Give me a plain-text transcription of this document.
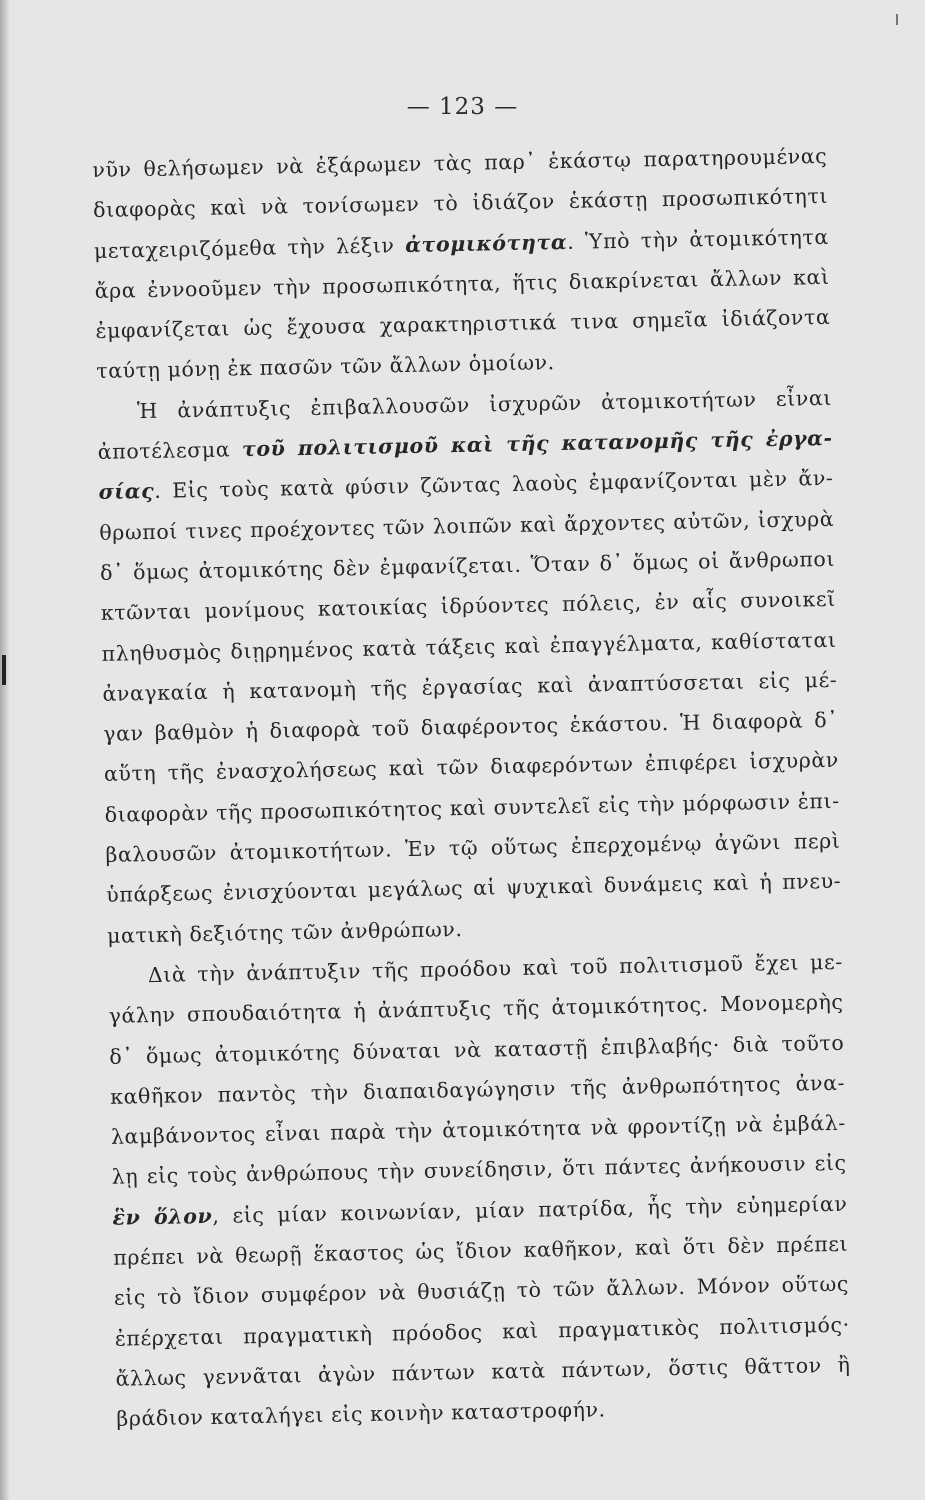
— 123 —
νῦν θελήσωμεν νὰ ἐξάρωμεν τὰς παρ᾽ ἑκάστῳ παρατηρουμένας
διαφορὰς καὶ νὰ τονίσωμεν τὸ ἰδιάζον ἑκάστῃ προσωπικότητι
μεταχειριζόμεθα τὴν λέξιν ἀτομικότητα. Ὑπὸ τὴν ἀτομικότητα
ἄρα ἐννοοῦμεν τὴν προσωπικότητα, ἥτις διακρίνεται ἄλλων καὶ
ἐμφανίζεται ὡς ἔχουσα χαρακτηριστικά τινα σημεῖα ἰδιάζοντα
ταύτῃ μόνῃ ἐκ πασῶν τῶν ἄλλων ὁμοίων.
Ἡ ἀνάπτυξις ἐπιβαλλουσῶν ἰσχυρῶν ἀτομικοτήτων εἶναι
ἀποτέλεσμα τοῦ πολιτισμοῦ καὶ τῆς κατανομῆς τῆς ἐργα-
σίας. Εἰς τοὺς κατὰ φύσιν ζῶντας λαοὺς ἐμφανίζονται μὲν ἄν-
θρωποί τινες προέχοντες τῶν λοιπῶν καὶ ἄρχοντες αὐτῶν, ἰσχυρὰ
δ᾽ ὅμως ἀτομικότης δὲν ἐμφανίζεται. Ὅταν δ᾽ ὅμως οἱ ἄνθρωποι
κτῶνται μονίμους κατοικίας ἱδρύοντες πόλεις, ἐν αἷς συνοικεῖ
πληθυσμὸς διῃρημένος κατὰ τάξεις καὶ ἐπαγγέλματα, καθίσταται
ἀναγκαία ἡ κατανομὴ τῆς ἐργασίας καὶ ἀναπτύσσεται εἰς μέ-
γαν βαθμὸν ἡ διαφορὰ τοῦ διαφέροντος ἑκάστου. Ἡ διαφορὰ δ᾽
αὕτη τῆς ἐνασχολήσεως καὶ τῶν διαφερόντων ἐπιφέρει ἰσχυρὰν
διαφορὰν τῆς προσωπικότητος καὶ συντελεῖ εἰς τὴν μόρφωσιν ἐπι-
βαλουσῶν ἀτομικοτήτων. Ἐν τῷ οὕτως ἐπερχομένῳ ἀγῶνι περὶ
ὑπάρξεως ἐνισχύονται μεγάλως αἱ ψυχικαὶ δυνάμεις καὶ ἡ πνευ-
ματικὴ δεξιότης τῶν ἀνθρώπων.
Διὰ τὴν ἀνάπτυξιν τῆς προόδου καὶ τοῦ πολιτισμοῦ ἔχει με-
γάλην σπουδαιότητα ἡ ἀνάπτυξις τῆς ἀτομικότητος. Μονομερὴς
δ᾽ ὅμως ἀτομικότης δύναται νὰ καταστῇ ἐπιβλαβής· διὰ τοῦτο
καθῆκον παντὸς τὴν διαπαιδαγώγησιν τῆς ἀνθρωπότητος ἀνα-
λαμβάνοντος εἶναι παρὰ τὴν ἀτομικότητα νὰ φροντίζῃ νὰ ἐμβάλ-
λῃ εἰς τοὺς ἀνθρώπους τὴν συνείδησιν, ὅτι πάντες ἀνήκουσιν εἰς
ἓν ὅλον, εἰς μίαν κοινωνίαν, μίαν πατρίδα, ἧς τὴν εὐημερίαν
πρέπει νὰ θεωρῇ ἕκαστος ὡς ἴδιον καθῆκον, καὶ ὅτι δὲν πρέπει
εἰς τὸ ἴδιον συμφέρον νὰ θυσιάζῃ τὸ τῶν ἄλλων. Μόνον οὕτως
ἐπέρχεται πραγματικὴ πρόοδος καὶ πραγματικὸς πολιτισμός·
ἄλλως γεννᾶται ἀγὼν πάντων κατὰ πάντων, ὅστις θᾶττον ἢ
βράδιον καταλήγει εἰς κοινὴν καταστροφήν.
